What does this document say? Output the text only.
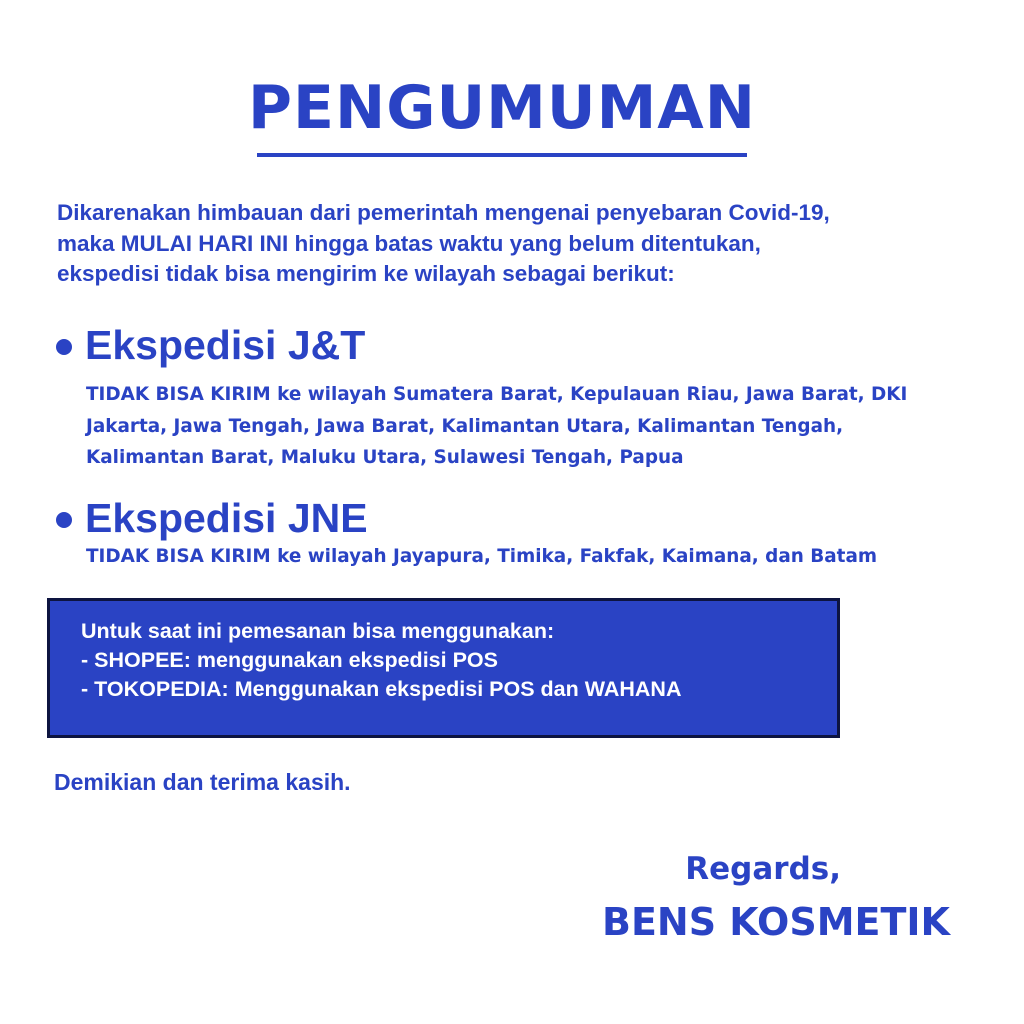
PENGUMUMAN
Dikarenakan himbauan dari pemerintah mengenai penyebaran Covid-19,
maka MULAI HARI INI hingga batas waktu yang belum ditentukan,
ekspedisi tidak bisa mengirim ke wilayah sebagai berikut:
Ekspedisi J&T
TIDAK BISA KIRIM ke wilayah Sumatera Barat, Kepulauan Riau, Jawa Barat, DKI
Jakarta, Jawa Tengah, Jawa Barat, Kalimantan Utara, Kalimantan Tengah,
Kalimantan Barat, Maluku Utara, Sulawesi Tengah, Papua
Ekspedisi JNE
TIDAK BISA KIRIM ke wilayah Jayapura, Timika, Fakfak, Kaimana, dan Batam
Untuk saat ini pemesanan bisa menggunakan:
- SHOPEE: menggunakan ekspedisi POS
- TOKOPEDIA: Menggunakan ekspedisi POS dan WAHANA
Demikian dan terima kasih.
Regards,
BENS KOSMETIK
